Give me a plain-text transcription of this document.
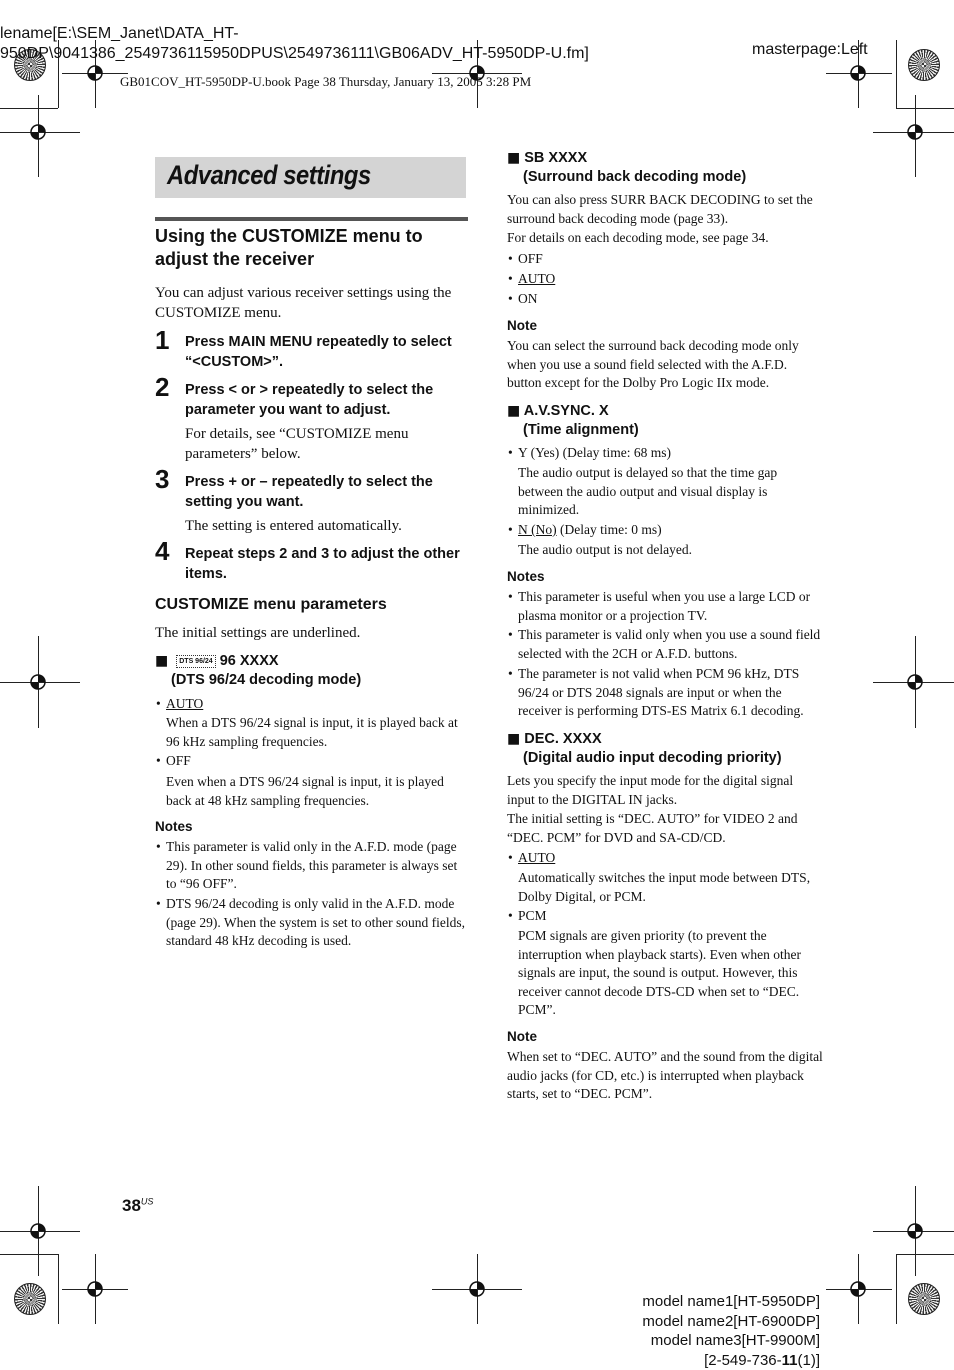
lename[E:\SEM_Janet\DATA_HT-
950DP\9041386_2549736115950DPUS\2549736111\GB06ADV_HT-5950DP-U.fm]	masterpage:Left
GB01COV_HT-5950DP-U.book Page 38 Thursday, January 13, 2005 3:28 PM
Advanced settings
Using the CUSTOMIZE menu to adjust the receiver
You can adjust various receiver settings using the CUSTOMIZE menu.
1 Press MAIN MENU repeatedly to select “<CUSTOM>”.
2 Press < or > repeatedly to select the parameter you want to adjust.
For details, see “CUSTOMIZE menu parameters” below.
3 Press + or – repeatedly to select the setting you want.
The setting is entered automatically.
4 Repeat steps 2 and 3 to adjust the other items.
CUSTOMIZE menu parameters
The initial settings are underlined.
■ DTS 96/24 96 XXXX
(DTS 96/24 decoding mode)
• AUTO
When a DTS 96/24 signal is input, it is played back at 96 kHz sampling frequencies.
• OFF
Even when a DTS 96/24 signal is input, it is played back at 48 kHz sampling frequencies.
Notes
• This parameter is valid only in the A.F.D. mode (page 29). In other sound fields, this parameter is always set to “96 OFF”.
• DTS 96/24 decoding is only valid in the A.F.D. mode (page 29). When the system is set to other sound fields, standard 48 kHz decoding is used.
■ SB XXXX
(Surround back decoding mode)
You can also press SURR BACK DECODING to set the surround back decoding mode (page 33).
For details on each decoding mode, see page 34.
• OFF
• AUTO
• ON
Note
You can select the surround back decoding mode only when you use a sound field selected with the A.F.D. button except for the Dolby Pro Logic IIx mode.
■ A.V.SYNC. X
(Time alignment)
• Y (Yes) (Delay time: 68 ms)
The audio output is delayed so that the time gap between the audio output and visual display is minimized.
• N (No) (Delay time: 0 ms)
The audio output is not delayed.
Notes
• This parameter is useful when you use a large LCD or plasma monitor or a projection TV.
• This parameter is valid only when you use a sound field selected with the 2CH or A.F.D. buttons.
• The parameter is not valid when PCM 96 kHz, DTS 96/24 or DTS 2048 signals are input or when the receiver is performing DTS-ES Matrix 6.1 decoding.
■ DEC. XXXX
(Digital audio input decoding priority)
Lets you specify the input mode for the digital signal input to the DIGITAL IN jacks.
The initial setting is “DEC. AUTO” for VIDEO 2 and “DEC. PCM” for DVD and SA-CD/CD.
• AUTO
Automatically switches the input mode between DTS, Dolby Digital, or PCM.
• PCM
PCM signals are given priority (to prevent the interruption when playback starts). Even when other signals are input, the sound is output. However, this receiver cannot decode DTS-CD when set to “DEC. PCM”.
Note
When set to “DEC. AUTO” and the sound from the digital audio jacks (for CD, etc.) is interrupted when playback starts, set to “DEC. PCM”.
$38^{US}$
model name1[HT-5950DP]
model name2[HT-6900DP]
model name3[HT-9900M]
[2-549-736-11(1)]
